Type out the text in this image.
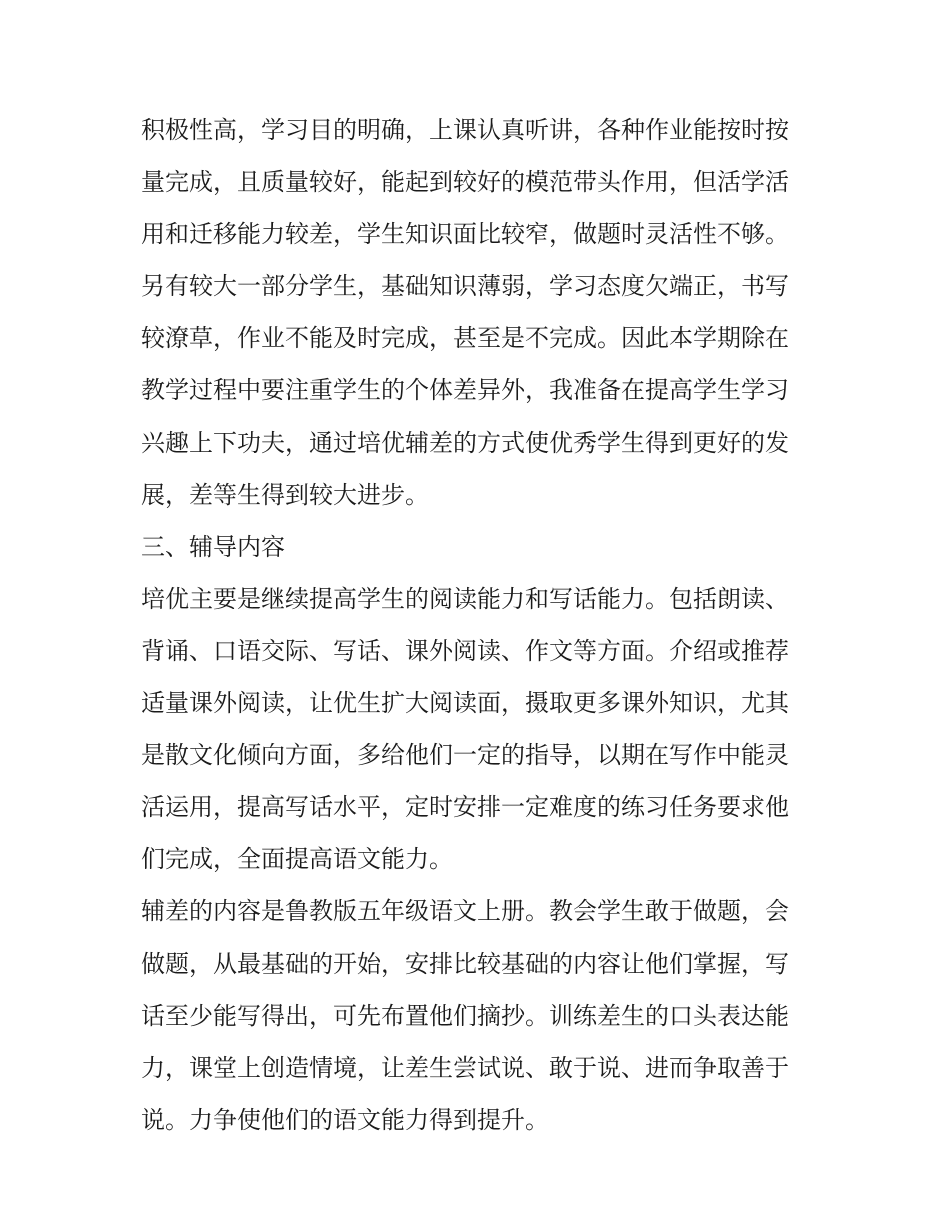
积极性高，学习目的明确，上课认真听讲，各种作业能按时按
量完成，且质量较好，能起到较好的模范带头作用，但活学活
用和迁移能力较差，学生知识面比较窄，做题时灵活性不够。
另有较大一部分学生，基础知识薄弱，学习态度欠端正，书写
较潦草，作业不能及时完成，甚至是不完成。因此本学期除在
教学过程中要注重学生的个体差异外，我准备在提高学生学习
兴趣上下功夫，通过培优辅差的方式使优秀学生得到更好的发
展，差等生得到较大进步。
三、辅导内容
培优主要是继续提高学生的阅读能力和写话能力。包括朗读、
背诵、口语交际、写话、课外阅读、作文等方面。介绍或推荐
适量课外阅读，让优生扩大阅读面，摄取更多课外知识，尤其
是散文化倾向方面，多给他们一定的指导，以期在写作中能灵
活运用，提高写话水平，定时安排一定难度的练习任务要求他
们完成，全面提高语文能力。
辅差的内容是鲁教版五年级语文上册。教会学生敢于做题，会
做题，从最基础的开始，安排比较基础的内容让他们掌握，写
话至少能写得出，可先布置他们摘抄。训练差生的口头表达能
力，课堂上创造情境，让差生尝试说、敢于说、进而争取善于
说。力争使他们的语文能力得到提升。
